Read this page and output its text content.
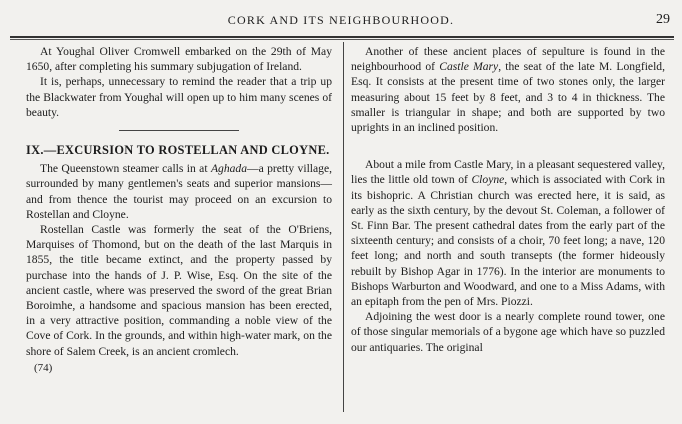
CORK AND ITS NEIGHBOURHOOD.	29

At Youghal Oliver Cromwell embarked on the 29th of May 1650, after completing his summary subjugation of Ireland.

It is, perhaps, unnecessary to remind the reader that a trip up the Blackwater from Youghal will open up to him many scenes of beauty.

IX.—EXCURSION TO ROSTELLAN AND CLOYNE.

The Queenstown steamer calls in at Aghada—a pretty village, surrounded by many gentlemen's seats and superior mansions—and from thence the tourist may proceed on an excursion to Rostellan and Cloyne.

Rostellan Castle was formerly the seat of the O'Briens, Marquises of Thomond, but on the death of the last Marquis in 1855, the title became extinct, and the property passed by purchase into the hands of J. P. Wise, Esq. On the site of the ancient castle, where was preserved the sword of the great Brian Boroimhe, a handsome and spacious mansion has been erected, in a very attractive position, commanding a noble view of the Cove of Cork. In the grounds, and within high-water mark, on the shore of Salem Creek, is an ancient cromlech.

(74)

Another of these ancient places of sepulture is found in the neighbourhood of Castle Mary, the seat of the late M. Longfield, Esq. It consists at the present time of two stones only, the larger measuring about 15 feet by 8 feet, and 3 to 4 in thickness. The smaller is triangular in shape; and both are supported by two uprights in an inclined position.

About a mile from Castle Mary, in a pleasant sequestered valley, lies the little old town of Cloyne, which is associated with Cork in its bishopric. A Christian church was erected here, it is said, as early as the sixth century, by the devout St. Coleman, a follower of St. Finn Bar. The present cathedral dates from the early part of the sixteenth century; and consists of a choir, 70 feet long; a nave, 120 feet long; and north and south transepts (the former hideously rebuilt by Bishop Agar in 1776). In the interior are monuments to Bishops Warburton and Woodward, and one to a Miss Adams, with an epitaph from the pen of Mrs. Piozzi.

Adjoining the west door is a nearly complete round tower, one of those singular memorials of a bygone age which have so puzzled our antiquaries. The original
